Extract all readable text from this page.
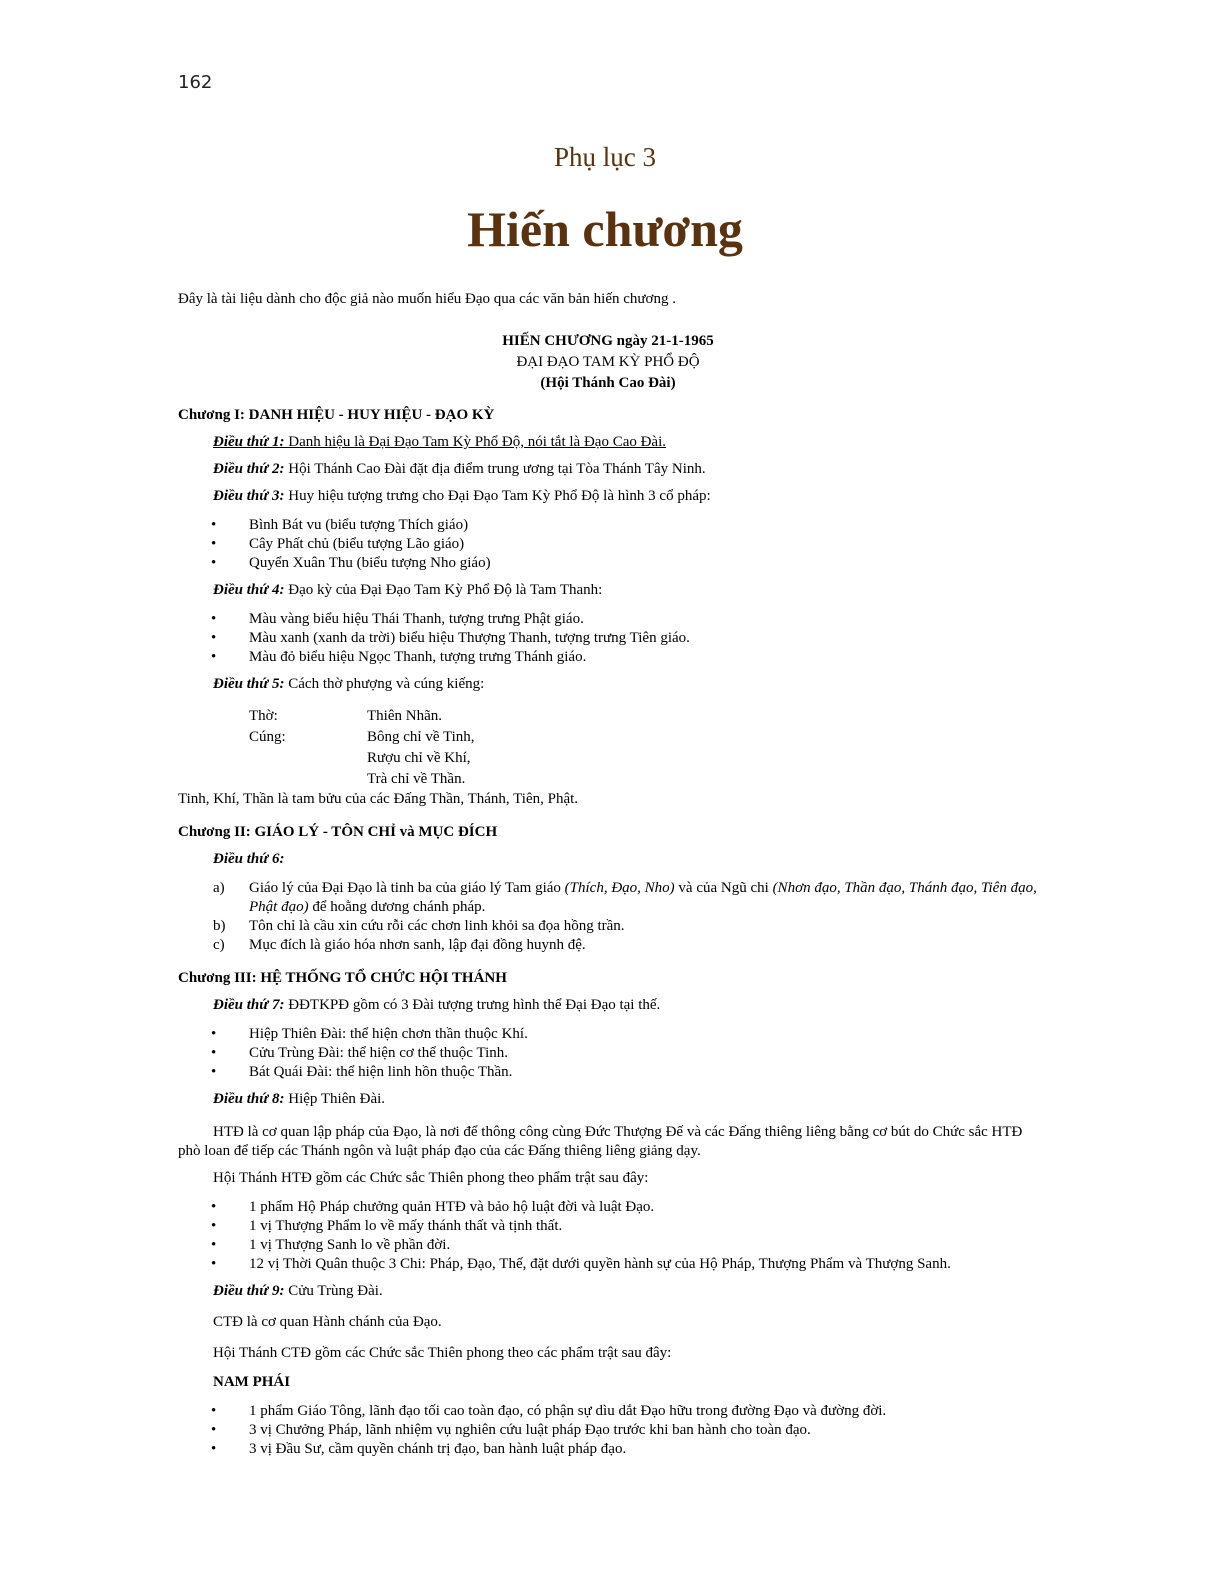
162
Phụ lục 3
Hiến chương

Đây là tài liệu dành cho độc giả nào muốn hiểu Đạo qua các văn bản hiến chương .

HIẾN CHƯƠNG ngày 21-1-1965
ĐẠI ĐẠO TAM KỲ PHỔ ĐỘ
(Hội Thánh Cao Đài)
Chương I: DANH HIỆU - HUY HIỆU - ĐẠO KỲ

Điều thứ 1: Danh hiệu là Đại Đạo Tam Kỳ Phổ Độ, nói tắt là Đạo Cao Đài.

Điều thứ 2: Hội Thánh Cao Đài đặt địa điểm trung ương tại Tòa Thánh Tây Ninh.

Điều thứ 3: Huy hiệu tượng trưng cho Đại Đạo Tam Kỳ Phổ Độ là hình 3 cổ pháp:

• Bình Bát vu (biểu tượng Thích giáo)
• Cây Phất chủ (biểu tượng Lão giáo)
• Quyển Xuân Thu (biểu tượng Nho giáo)

Điều thứ 4: Đạo kỳ của Đại Đạo Tam Kỳ Phổ Độ là Tam Thanh:

• Màu vàng biểu hiệu Thái Thanh, tượng trưng Phật giáo.
• Màu xanh (xanh da trời) biểu hiệu Thượng Thanh, tượng trưng Tiên giáo.
• Màu đỏ biểu hiệu Ngọc Thanh, tượng trưng Thánh giáo.

Điều thứ 5: Cách thờ phượng và cúng kiếng:

Thờ:	Thiên Nhãn.
Cúng:	Bông chỉ về Tinh,
Rượu chỉ về Khí,
Trà chỉ về Thần.

Tinh, Khí, Thần là tam bửu của các Đấng Thần, Thánh, Tiên, Phật.

Chương II: GIÁO LÝ - TÔN CHỈ và MỤC ĐÍCH

Điều thứ 6:

a) Giáo lý của Đại Đạo là tinh ba của giáo lý Tam giáo (Thích, Đạo, Nho) và của Ngũ chi (Nhơn đạo, Thần đạo, Thánh đạo, Tiên đạo, Phật đạo) để hoằng dương chánh pháp.
b) Tôn chỉ là cầu xin cứu rỗi các chơn linh khỏi sa đọa hồng trần.
c) Mục đích là giáo hóa nhơn sanh, lập đại đồng huynh đệ.
Chương III: HỆ THỐNG TỔ CHỨC HỘI THÁNH

Điều thứ 7: ĐĐTKPĐ gồm có 3 Đài tượng trưng hình thể Đại Đạo tại thế.

• Hiệp Thiên Đài: thể hiện chơn thần thuộc Khí.
• Cửu Trùng Đài: thể hiện cơ thể thuộc Tinh.
• Bát Quái Đài: thể hiện linh hồn thuộc Thần.

Điều thứ 8: Hiệp Thiên Đài.

HTĐ là cơ quan lập pháp của Đạo, là nơi để thông công cùng Đức Thượng Đế và các Đấng thiêng liêng bằng cơ bút do Chức sắc HTĐ phò loan để tiếp các Thánh ngôn và luật pháp đạo của các Đấng thiêng liêng giảng dạy.

Hội Thánh HTĐ gồm các Chức sắc Thiên phong theo phẩm trật sau đây:

• 1 phẩm Hộ Pháp chưởng quản HTĐ và bảo hộ luật đời và luật Đạo.
• 1 vị Thượng Phẩm lo về mấy thánh thất và tịnh thất.
• 1 vị Thượng Sanh lo về phần đời.
• 12 vị Thời Quân thuộc 3 Chi: Pháp, Đạo, Thế, đặt dưới quyền hành sự của Hộ Pháp, Thượng Phẩm và Thượng Sanh.

Điều thứ 9: Cửu Trùng Đài.

CTĐ là cơ quan Hành chánh của Đạo.

Hội Thánh CTĐ gồm các Chức sắc Thiên phong theo các phẩm trật sau đây:

NAM PHÁI
• 1 phẩm Giáo Tông, lãnh đạo tối cao toàn đạo, có phận sự dìu dắt Đạo hữu trong đường Đạo và đường đời.
• 3 vị Chưởng Pháp, lãnh nhiệm vụ nghiên cứu luật pháp Đạo trước khi ban hành cho toàn đạo.
• 3 vị Đầu Sư, cầm quyền chánh trị đạo, ban hành luật pháp đạo.
